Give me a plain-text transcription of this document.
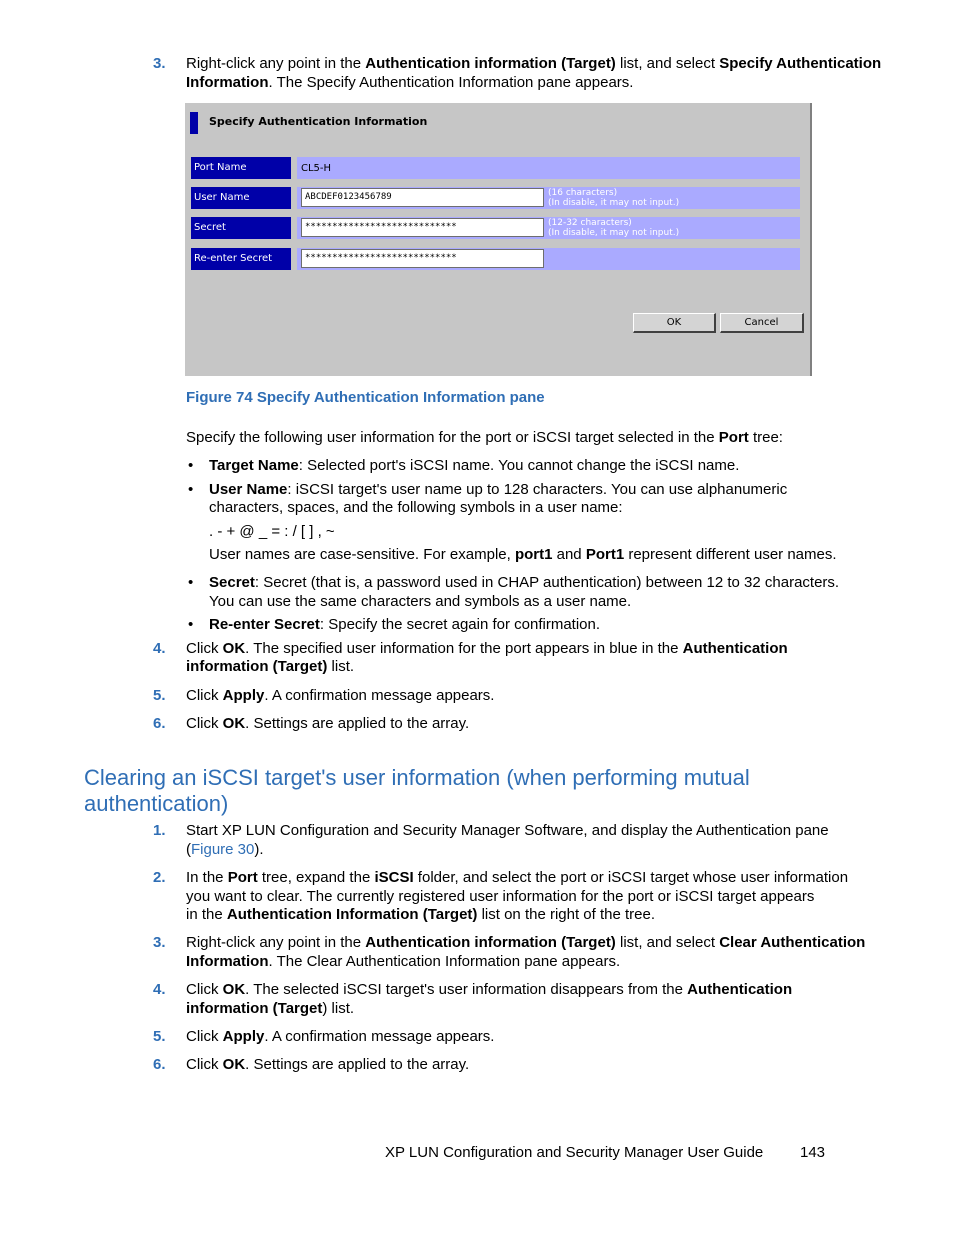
3. Right-click any point in the Authentication information (Target) list, and select Specify Authentication
Information. The Specify Authentication Information pane appears.
Specify Authentication Information
Port Name	CL5-H
User Name	ABCDEF0123456789	(16 characters)
(In disable, it may not input.)
Secret	****************************	(12-32 characters)
(In disable, it may not input.)
Re-enter Secret	****************************
OK	Cancel
Figure 74 Specify Authentication Information pane
Specify the following user information for the port or iSCSI target selected in the Port tree:
• Target Name: Selected port's iSCSI name. You cannot change the iSCSI name.
• User Name: iSCSI target's user name up to 128 characters. You can use alphanumeric
characters, spaces, and the following symbols in a user name:
. - + @ _ = : / [ ] , ~
User names are case-sensitive. For example, port1 and Port1 represent different user names.
• Secret: Secret (that is, a password used in CHAP authentication) between 12 to 32 characters.
You can use the same characters and symbols as a user name.
• Re-enter Secret: Specify the secret again for confirmation.
4. Click OK. The specified user information for the port appears in blue in the Authentication
information (Target) list.
5. Click Apply. A confirmation message appears.
6. Click OK. Settings are applied to the array.
Clearing an iSCSI target's user information (when performing mutual
authentication)
1. Start XP LUN Configuration and Security Manager Software, and display the Authentication pane
(Figure 30).
2. In the Port tree, expand the iSCSI folder, and select the port or iSCSI target whose user information
you want to clear. The currently registered user information for the port or iSCSI target appears
in the Authentication Information (Target) list on the right of the tree.
3. Right-click any point in the Authentication information (Target) list, and select Clear Authentication
Information. The Clear Authentication Information pane appears.
4. Click OK. The selected iSCSI target's user information disappears from the Authentication
information (Target) list.
5. Click Apply. A confirmation message appears.
6. Click OK. Settings are applied to the array.
XP LUN Configuration and Security Manager User Guide 143
